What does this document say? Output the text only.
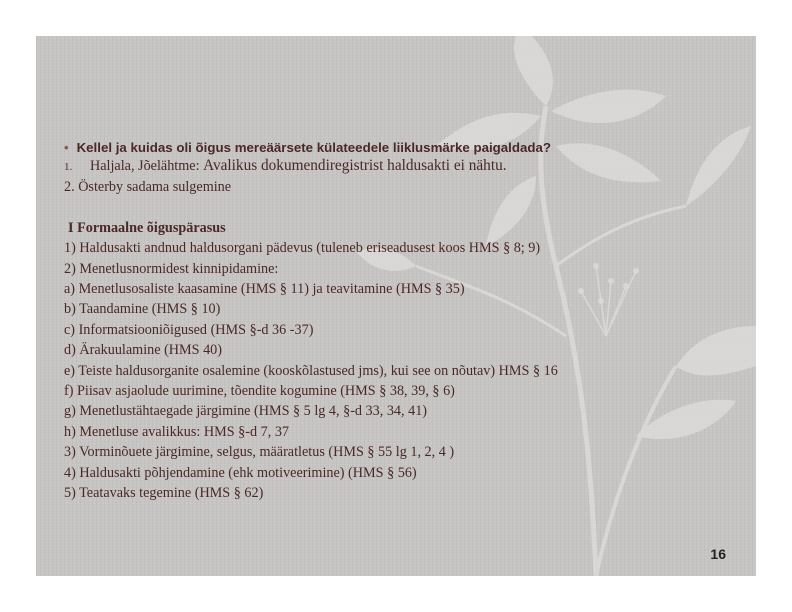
• Kellel ja kuidas oli õigus mereäärsete külateedele liiklusmärke paigaldada?
1. Haljala, Jõelähtme: Avalikus dokumendiregistrist haldusakti ei nähtu.
2. Österby sadama sulgemine
I Formaalne õiguspärasus
1) Haldusakti andnud haldusorgani pädevus (tuleneb eriseadusest koos HMS § 8; 9)
2) Menetlusnormidest kinnipidamine:
a) Menetlusosaliste kaasamine (HMS § 11) ja teavitamine (HMS § 35)
b) Taandamine (HMS § 10)
c) Informatsiooniõigused (HMS §-d 36 -37)
d) Ärakuulamine (HMS 40)
e) Teiste haldusorganite osalemine (kooskõlastused jms), kui see on nõutav) HMS § 16
f) Piisav asjaolude uurimine, tõendite kogumine (HMS § 38, 39, § 6)
g) Menetlustähtaegade järgimine (HMS § 5 lg 4, §-d 33, 34, 41)
h) Menetluse avalikkus: HMS §-d 7, 37
3) Vorminõuete järgimine, selgus, määratletus (HMS § 55 lg 1, 2, 4 )
4) Haldusakti põhjendamine (ehk motiveerimine) (HMS § 56)
5) Teatavaks tegemine (HMS § 62)
16
